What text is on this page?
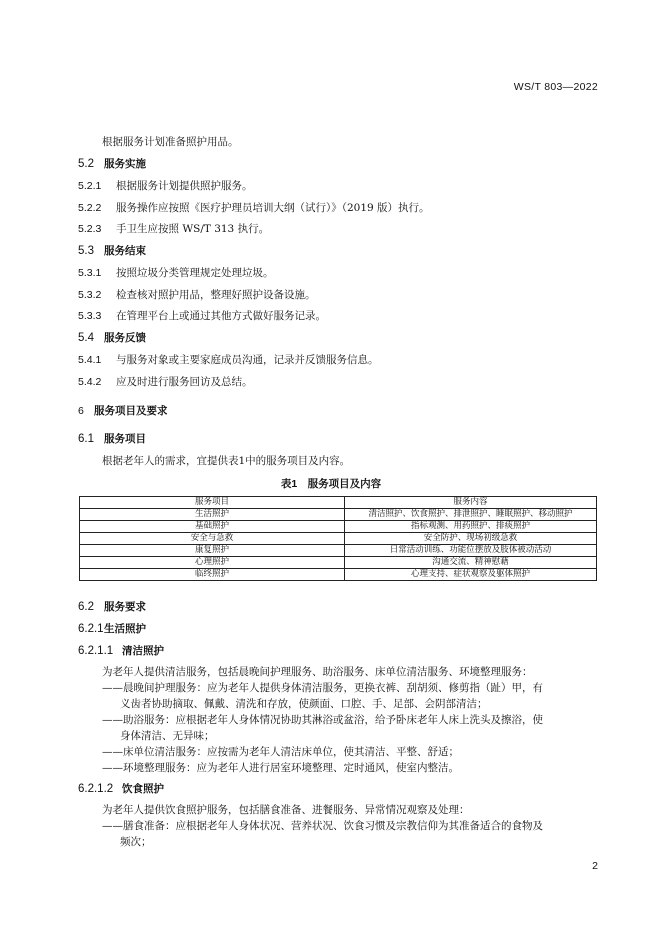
WS/T 803—2022
根据服务计划准备照护用品。
5.2 服务实施
5.2.1 根据服务计划提供照护服务。
5.2.2 服务操作应按照《医疗护理员培训大纲（试行）》（2019 版）执行。
5.2.3 手卫生应按照 WS/T 313 执行。
5.3 服务结束
5.3.1 按照垃圾分类管理规定处理垃圾。
5.3.2 检查核对照护用品，整理好照护设备设施。
5.3.3 在管理平台上或通过其他方式做好服务记录。
5.4 服务反馈
5.4.1 与服务对象或主要家庭成员沟通，记录并反馈服务信息。
5.4.2 应及时进行服务回访及总结。
6 服务项目及要求
6.1 服务项目
根据老年人的需求，宜提供表1中的服务项目及内容。
表1　服务项目及内容
服务项目	服务内容
生活照护	清洁照护、饮食照护、排泄照护、睡眠照护、移动照护
基础照护	指标观测、用药照护、排痰照护
安全与急救	安全防护、现场初级急救
康复照护	日常活动训练、功能位摆放及肢体被动活动
心理照护	沟通交流、精神慰藉
临终照护	心理支持、症状观察及躯体照护
6.2 服务要求
6.2.1生活照护
6.2.1.1 清洁照护
为老年人提供清洁服务，包括晨晚间护理服务、助浴服务、床单位清洁服务、环境整理服务：
——晨晚间护理服务：应为老年人提供身体清洁服务，更换衣裤、刮胡须、修剪指（趾）甲，有
义齿者协助摘取、佩戴、清洗和存放，使颜面、口腔、手、足部、会阴部清洁；
——助浴服务：应根据老年人身体情况协助其淋浴或盆浴，给予卧床老年人床上洗头及擦浴，使
身体清洁、无异味；
——床单位清洁服务：应按需为老年人清洁床单位，使其清洁、平整、舒适；
——环境整理服务：应为老年人进行居室环境整理、定时通风，使室内整洁。
6.2.1.2 饮食照护
为老年人提供饮食照护服务，包括膳食准备、进餐服务、异常情况观察及处理：
——膳食准备：应根据老年人身体状况、营养状况、饮食习惯及宗教信仰为其准备适合的食物及
频次；
2
